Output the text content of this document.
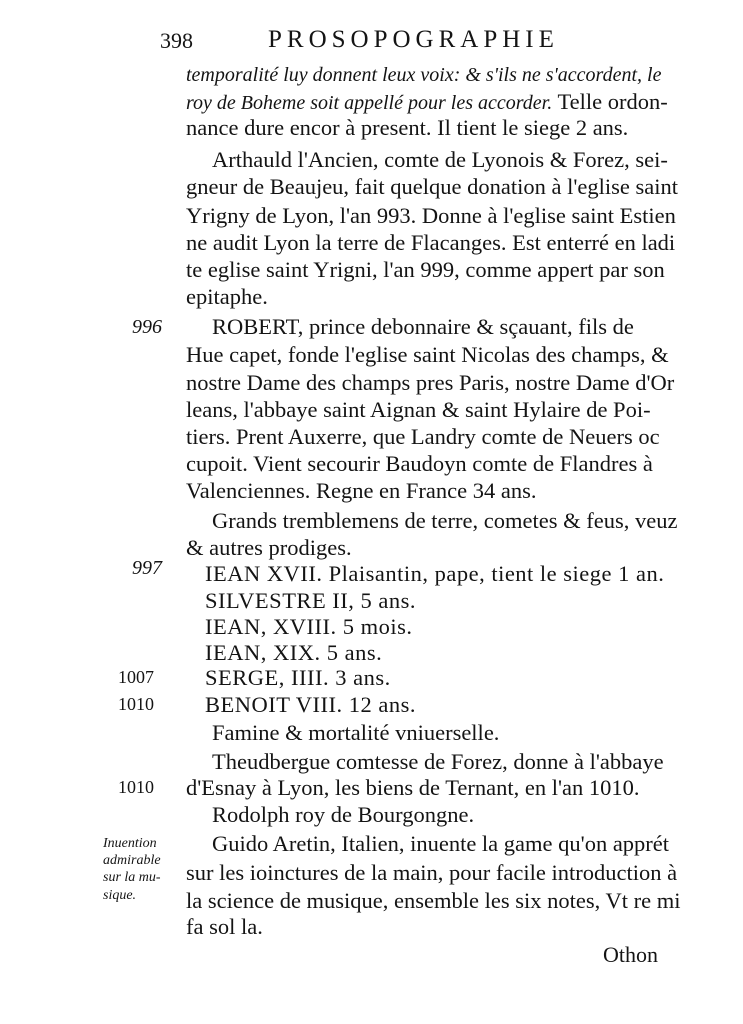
398	PROSOPOGRAPHIE
temporalité luy donnent leux voix: & s'ils ne s'accordent, le
roy de Boheme soit appellé pour les accorder. Telle ordon-
nance dure encor à present. Il tient le siege 2 ans.
Arthauld l'Ancien, comte de Lyonois & Forez, sei-
gneur de Beaujeu, fait quelque donation à l'eglise saint
Yrigny de Lyon, l'an 993. Donne à l'eglise saint Estien
ne audit Lyon la terre de Flacanges. Est enterré en ladi
te eglise saint Yrigni, l'an 999, comme appert par son
epitaphe.
996 ROBERT, prince debonnaire & sçauant, fils de
Hue capet, fonde l'eglise saint Nicolas des champs, &
nostre Dame des champs pres Paris, nostre Dame d'Or
leans, l'abbaye saint Aignan & saint Hylaire de Poi-
tiers. Prent Auxerre, que Landry comte de Neuers oc
cupoit. Vient secourir Baudoyn comte de Flandres à
Valenciennes. Regne en France 34 ans.
Grands tremblemens de terre, cometes & feus, veuz
& autres prodiges.
997 IEAN XVII. Plaisantin, pape, tient le siege 1 an.
SILVESTRE II, 5 ans.
IEAN, XVIII. 5 mois.
IEAN, XIX. 5 ans.
1007 SERGE, IIII. 3 ans.
1010 BENOIT VIII. 12 ans.
Famine & mortalité vniuerselle.
Theudbergue comtesse de Forez, donne à l'abbaye
1010 d'Esnay à Lyon, les biens de Ternant, en l'an 1010.
Rodolph roy de Bourgongne.
Inuention
admirable
sur la mu-
sique.
Guido Aretin, Italien, inuente la game qu'on apprét
sur les ioinctures de la main, pour facile introduction à
la science de musique, ensemble les six notes, Vt re mi
fa sol la.
Othon
